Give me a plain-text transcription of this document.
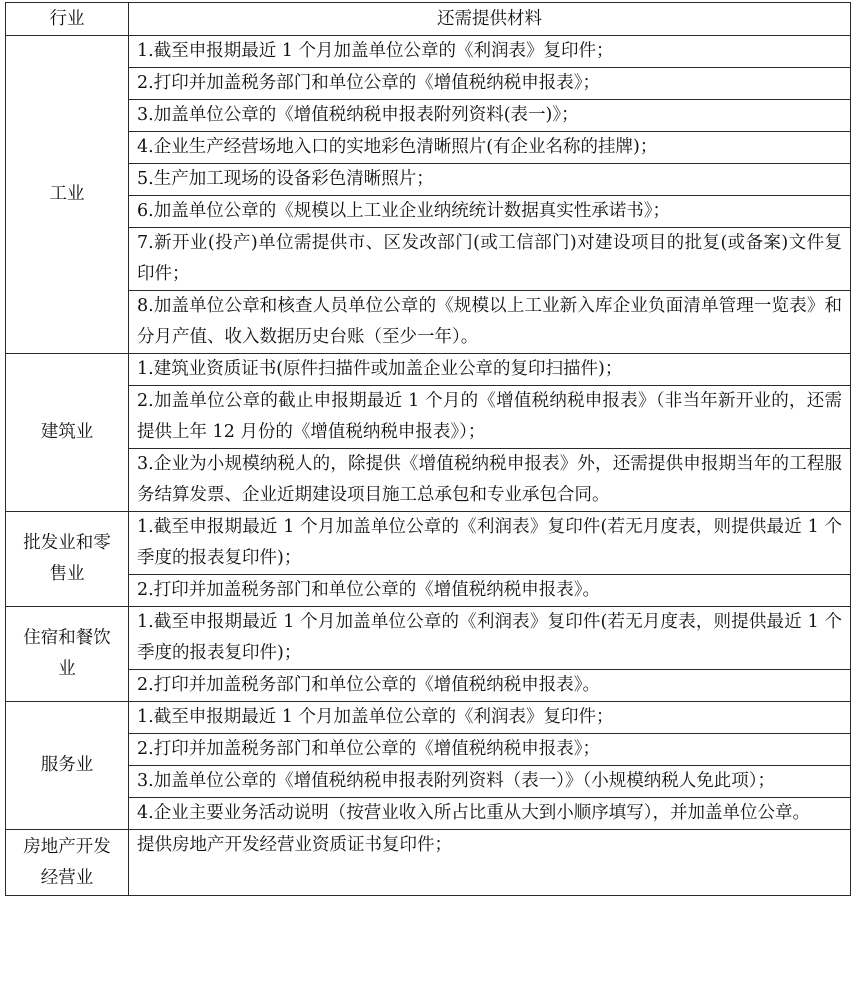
行业	还需提供材料
工业	1.截至申报期最近 1 个月加盖单位公章的《利润表》复印件；
	2.打印并加盖税务部门和单位公章的《增值税纳税申报表》；
	3.加盖单位公章的《增值税纳税申报表附列资料(表一)》；
	4.企业生产经营场地入口的实地彩色清晰照片(有企业名称的挂牌)；
	5.生产加工现场的设备彩色清晰照片；
	6.加盖单位公章的《规模以上工业企业纳统统计数据真实性承诺书》；
	7.新开业(投产)单位需提供市、区发改部门(或工信部门)对建设项目的批复(或备案)文件复印件；
	8.加盖单位公章和核查人员单位公章的《规模以上工业新入库企业负面清单管理一览表》和分月产值、收入数据历史台账（至少一年）。
建筑业	1.建筑业资质证书(原件扫描件或加盖企业公章的复印扫描件)；
	2.加盖单位公章的截止申报期最近 1 个月的《增值税纳税申报表》（非当年新开业的，还需提供上年 12 月份的《增值税纳税申报表》）；
	3.企业为小规模纳税人的，除提供《增值税纳税申报表》外，还需提供申报期当年的工程服务结算发票、企业近期建设项目施工总承包和专业承包合同。
批发业和零售业	1.截至申报期最近 1 个月加盖单位公章的《利润表》复印件(若无月度表，则提供最近 1 个季度的报表复印件)；
	2.打印并加盖税务部门和单位公章的《增值税纳税申报表》。
住宿和餐饮业	1.截至申报期最近 1 个月加盖单位公章的《利润表》复印件(若无月度表，则提供最近 1 个季度的报表复印件)；
	2.打印并加盖税务部门和单位公章的《增值税纳税申报表》。
服务业	1.截至申报期最近 1 个月加盖单位公章的《利润表》复印件；
	2.打印并加盖税务部门和单位公章的《增值税纳税申报表》；
	3.加盖单位公章的《增值税纳税申报表附列资料（表一）》（小规模纳税人免此项）；
	4.企业主要业务活动说明（按营业收入所占比重从大到小顺序填写），并加盖单位公章。
房地产开发经营业	提供房地产开发经营业资质证书复印件；
